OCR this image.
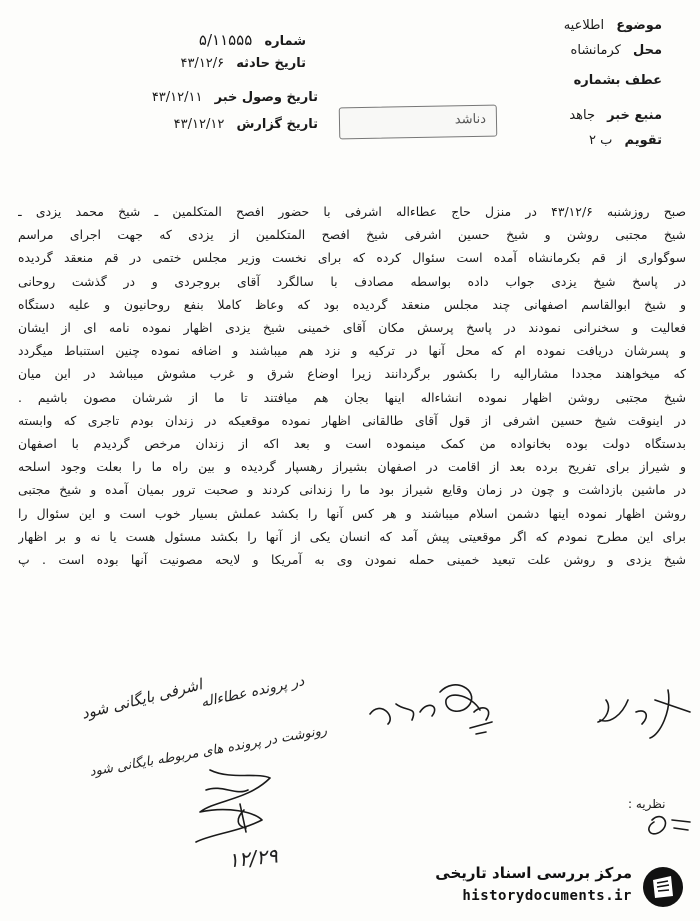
موضوع اطلاعیه
محل کرمانشاه
عطف بشماره
منبع خبر جاهد
تقویم ب ۲
شماره ۵/۱۱۵۵۵
تاریخ حادثه ۴۳/۱۲/۶
تاریخ وصول خبر ۴۳/۱۲/۱۱
تاریخ گزارش ۴۳/۱۲/۱۲	دناشد
صبح روزشنبه ۴۳/۱۲/۶ در منزل حاج عطاءاله اشرفی با حضور افصح المتکلمین ـ شیخ محمد یزدی ـ
شیخ مجتبی روشن و شیخ حسین اشرفی شیخ افصح المتکلمین از یزدی که جهت اجرای مراسم
سوگواری از قم بکرمانشاه آمده است سئوال کرده که برای نخست وزیر مجلس ختمی در قم منعقد گردیده
در پاسخ شیخ یزدی جواب داده بواسطه مصادف با سالگرد آقای بروجردی و در گذشت روحانی
و شیخ ابوالقاسم اصفهانی چند مجلس منعقد گردیده بود که وعاظ کاملا بنفع روحانیون و علیه دستگاه
فعالیت و سخنرانی نمودند در پاسخ پرسش مکان آقای خمینی شیخ یزدی اظهار نموده نامه ای از ایشان
و پسرشان دریافت نموده ام که محل آنها در ترکیه و نزد هم میباشند و اضافه نموده چنین استنباط میگردد
که میخواهند مجددا مشارالیه را بکشور برگردانند زیرا اوضاع شرق و غرب مشوش میباشد در این میان
شیخ مجتبی روشن اظهار نموده انشاءاله اینها بجان هم میافتند تا ما از شرشان مصون باشیم .
در اینوقت شیخ حسین اشرفی از قول آقای طالقانی اظهار نموده موقعیکه در زندان بودم تاجری که وابسته
بدستگاه دولت بوده بخانواده من کمک مینموده است و بعد اکه از زندان مرخص گردیدم با اصفهان
و شیراز برای تفریح برده بعد از اقامت در اصفهان بشیراز رهسپار گردیده و بین راه ما را بعلت وجود اسلحه
در ماشین بازداشت و چون در زمان وقایع شیراز بود ما را زندانی کردند و صحبت ترور بمیان آمده و شیخ مجتبی
روشن اظهار نموده اینها دشمن اسلام میباشند و هر کس آنها را بکشد عملش بسیار خوب است و این سئوال را
برای این مطرح نمودم که اگر موقعیتی پیش آمد که انسان یکی از آنها را بکشد مسئول هست یا نه و بر اظهار
شیخ یزدی و روشن علت تبعید خمینی حمله نمودن وی به آمریکا و لایحه مصونیت آنها بوده است . پ
در پرونده عطاءاله
اشرفی بایگانی شود
رونوشت در پرونده های مربوطه بایگانی شود
۱۲/۲۹
نظریه :
مرکز بررسی اسناد تاریخی
historydocuments.ir
